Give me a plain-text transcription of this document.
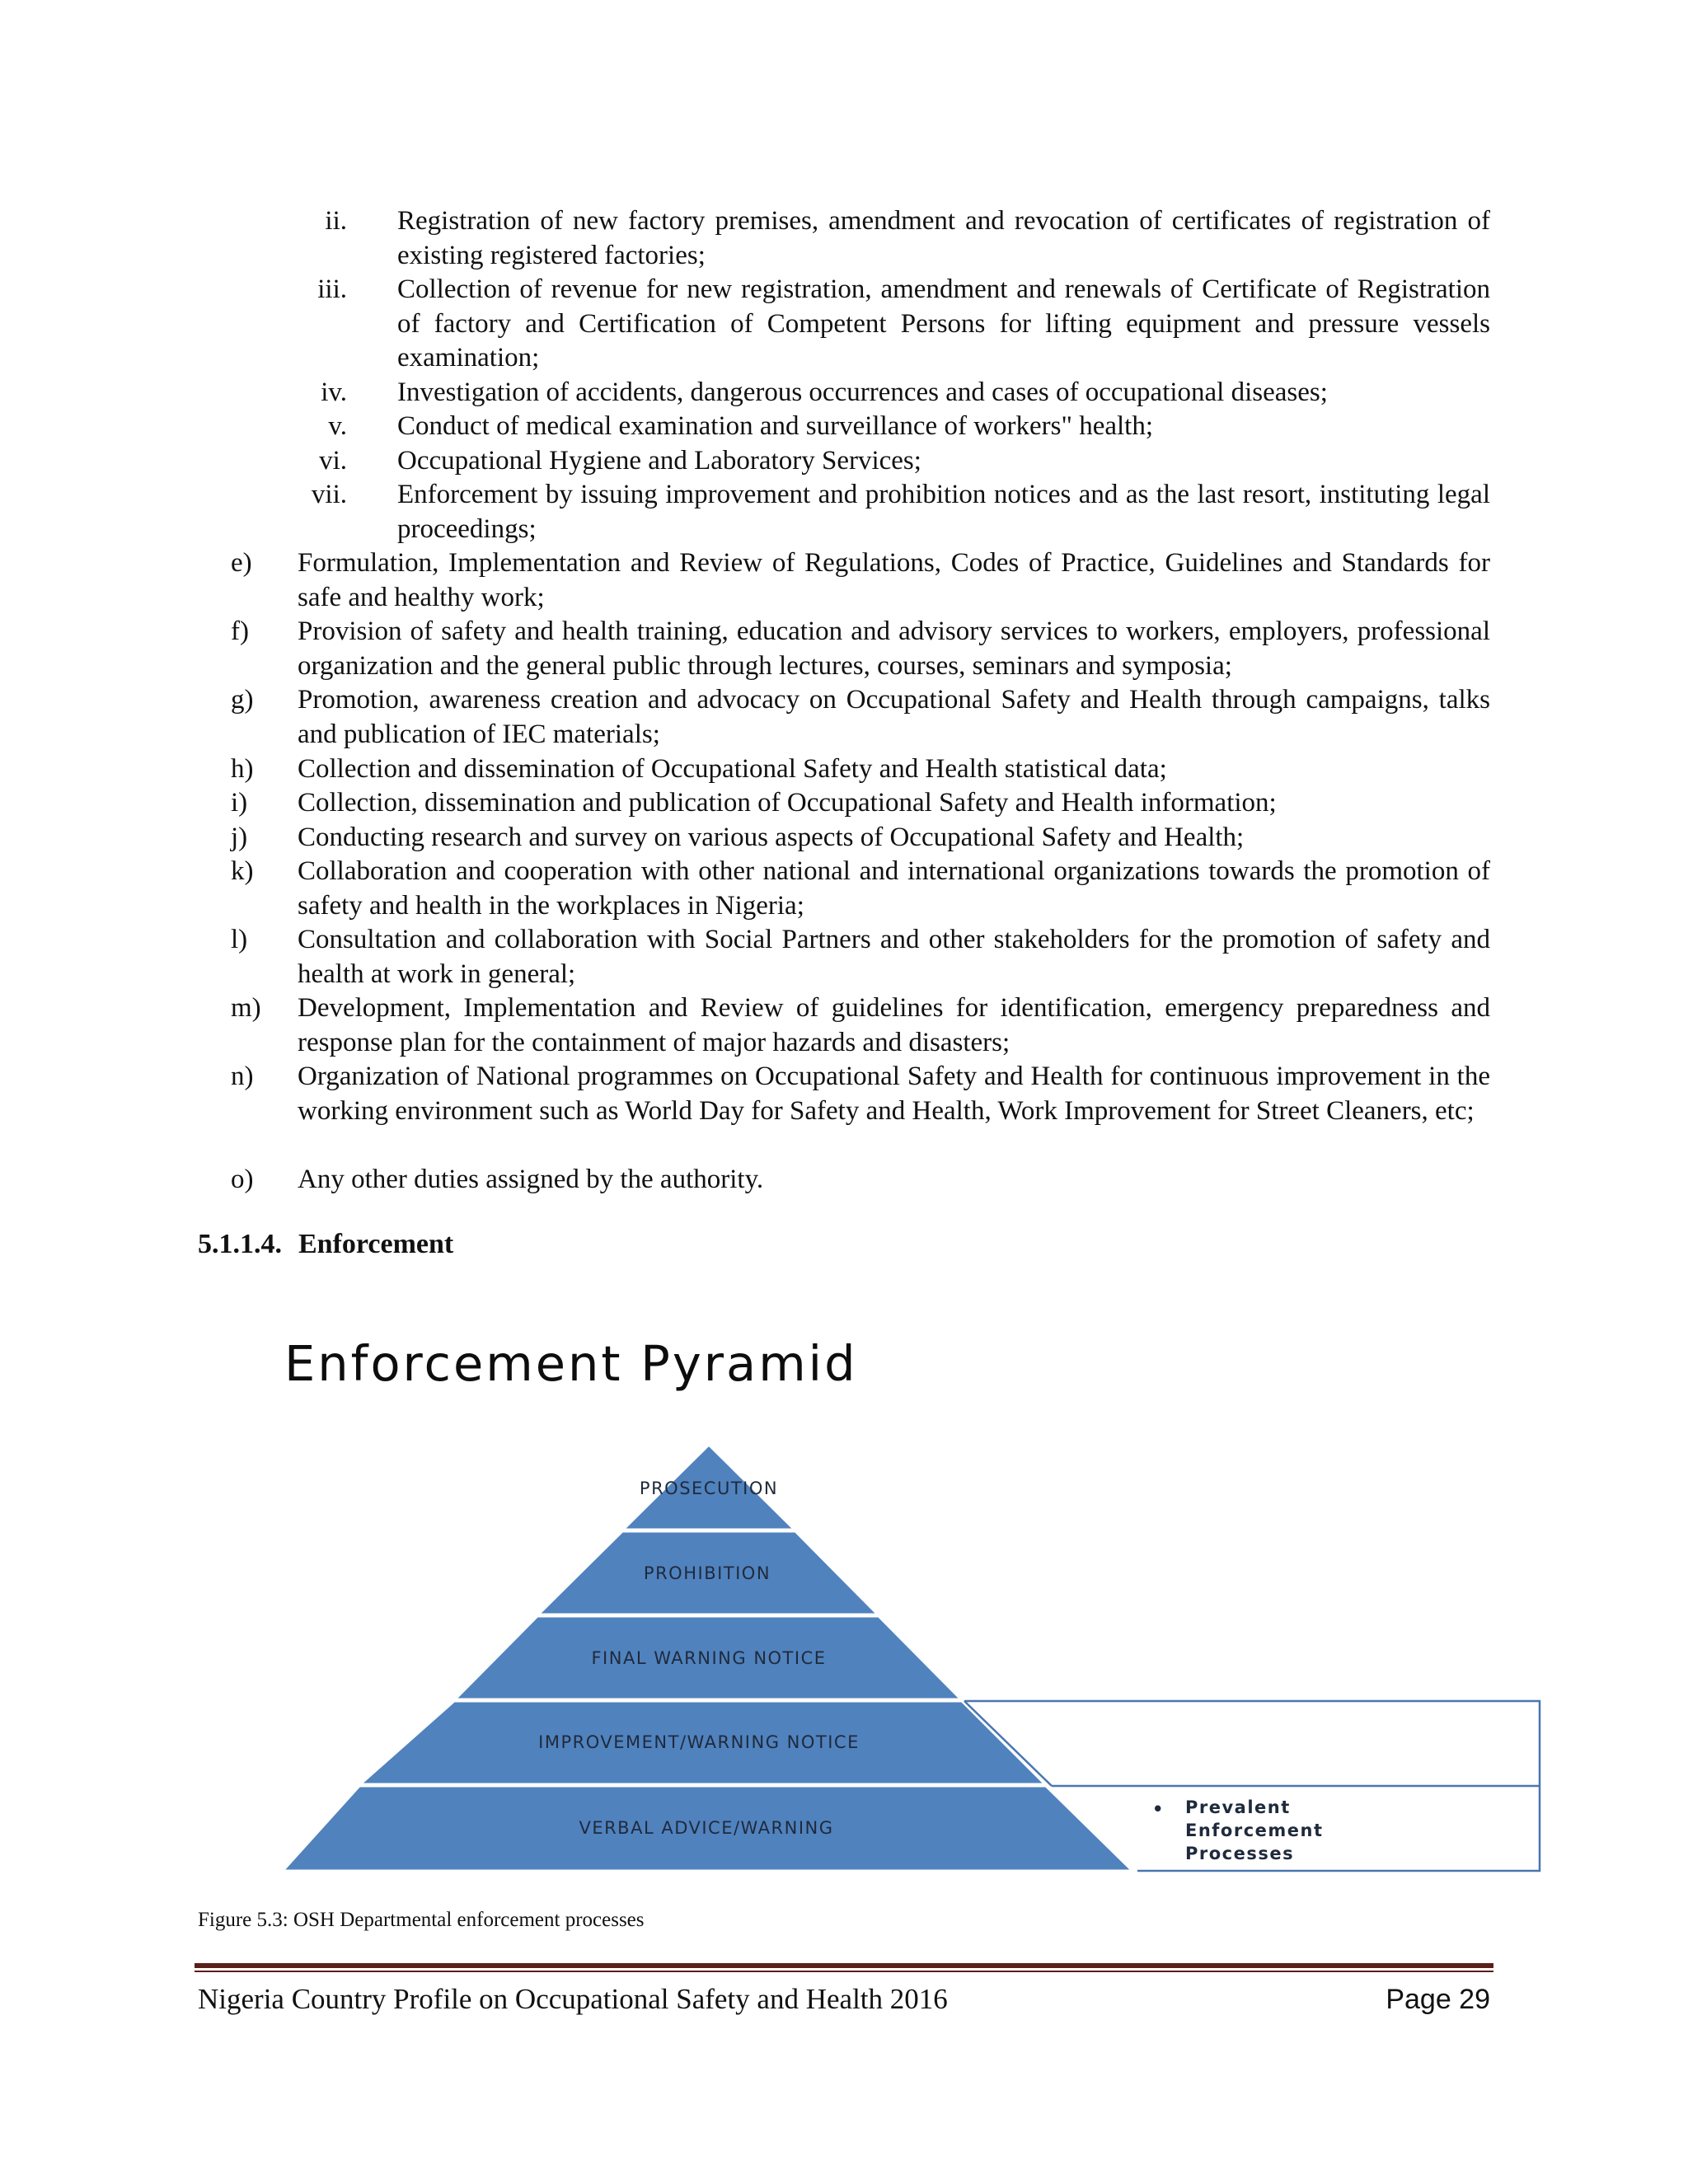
ii. Registration of new factory premises, amendment and revocation of certificates of registration of existing registered factories;
iii. Collection of revenue for new registration, amendment and renewals of Certificate of Registration of factory and Certification of Competent Persons for lifting equipment and pressure vessels examination;
iv. Investigation of accidents, dangerous occurrences and cases of occupational diseases;
v. Conduct of medical examination and surveillance of workers" health;
vi. Occupational Hygiene and Laboratory Services;
vii. Enforcement by issuing improvement and prohibition notices and as the last resort, instituting legal proceedings;
e)	Formulation, Implementation and Review of Regulations, Codes of Practice, Guidelines and Standards for safe and healthy work;
f)	Provision of safety and health training, education and advisory services to workers, employers, professional organization and the general public through lectures, courses, seminars and symposia;
g)	Promotion, awareness creation and advocacy on Occupational Safety and Health through campaigns, talks and publication of IEC materials;
h)	Collection and dissemination of Occupational Safety and Health statistical data;
i)	Collection, dissemination and publication of Occupational Safety and Health information;
j)	Conducting research and survey on various aspects of Occupational Safety and Health;
k)	Collaboration and cooperation with other national and international organizations towards the promotion of safety and health in the workplaces in Nigeria;
l)	Consultation and collaboration with Social Partners and other stakeholders for the promotion of safety and health at work in general;
m)	Development, Implementation and Review of guidelines for identification, emergency preparedness and response plan for the containment of major hazards and disasters;
n)	Organization of National programmes on Occupational Safety and Health for continuous improvement in the working environment such as World Day for Safety and Health, Work Improvement for Street Cleaners, etc;
o)	Any other duties assigned by the authority.
5.1.1.4. Enforcement
Enforcement Pyramid
PROSECUTION
PROHIBITION
FINAL WARNING NOTICE
IMPROVEMENT/WARNING NOTICE
VERBAL ADVICE/WARNING
• Prevalent
Enforcement
Processes
Figure 5.3: OSH Departmental enforcement processes
Nigeria Country Profile on Occupational Safety and Health 2016	Page 29
